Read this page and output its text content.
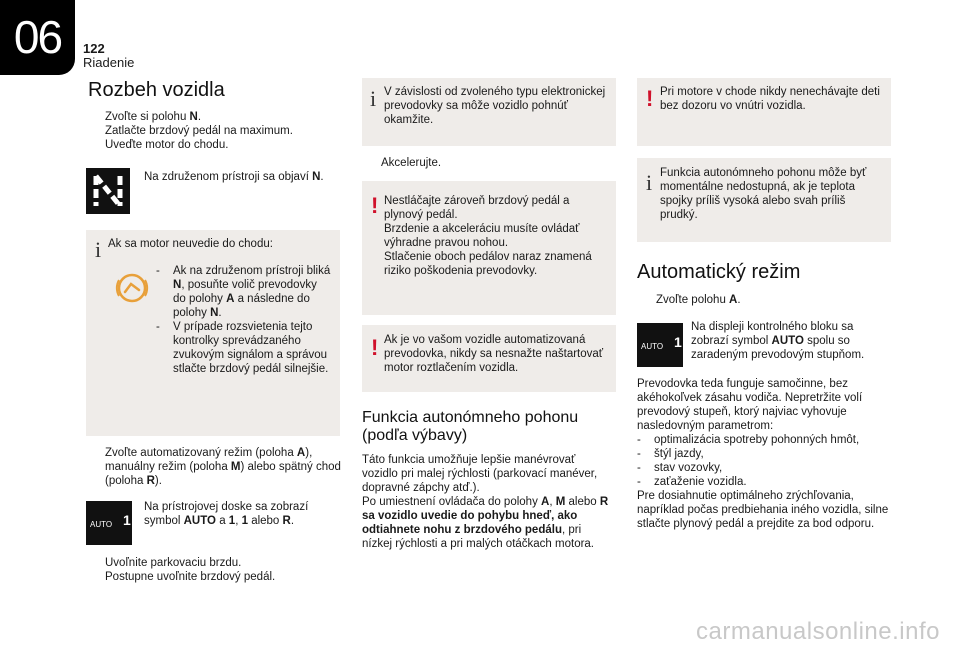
06	122
Riadenie
Rozbeh vozidla
Zvoľte si polohu N.
Zatlačte brzdový pedál na maximum.
Uveďte motor do chodu.
Na združenom prístroji sa objaví N.
i Ak sa motor neuvedie do chodu:
- Ak na združenom prístroji bliká N, posuňte volič prevodovky do polohy A a následne do polohy N.
- V prípade rozsvietenia tejto kontrolky sprevádzaného zvukovým signálom a správou stlačte brzdový pedál silnejšie.
Zvoľte automatizovaný režim (poloha A), manuálny režim (poloha M) alebo spätný chod (poloha R).
AUTO 1
Na prístrojovej doske sa zobrazí symbol AUTO a 1, 1 alebo R.
Uvoľnite parkovaciu brzdu.
Postupne uvoľnite brzdový pedál.
i V závislosti od zvoleného typu elektronickej prevodovky sa môže vozidlo pohnúť okamžite.
Akcelerujte.
! Nestláčajte zároveň brzdový pedál a plynový pedál.
Brzdenie a akceleráciu musíte ovládať výhradne pravou nohou.
Stlačenie oboch pedálov naraz znamená riziko poškodenia prevodovky.
! Ak je vo vašom vozidle automatizovaná prevodovka, nikdy sa nesnažte naštartovať motor roztlačením vozidla.
Funkcia autonómneho pohonu (podľa výbavy)
Táto funkcia umožňuje lepšie manévrovať vozidlo pri malej rýchlosti (parkovací manéver, dopravné zápchy atď.).
Po umiestnení ovládača do polohy A, M alebo R sa vozidlo uvedie do pohybu hneď, ako odtiahnete nohu z brzdového pedálu, pri nízkej rýchlosti a pri malých otáčkach motora.
! Pri motore v chode nikdy nenechávajte deti bez dozoru vo vnútri vozidla.
i Funkcia autonómneho pohonu môže byť momentálne nedostupná, ak je teplota spojky príliš vysoká alebo svah príliš prudký.
Automatický režim
Zvoľte polohu A.
AUTO 1
Na displeji kontrolného bloku sa zobrazí symbol AUTO spolu so zaradeným prevodovým stupňom.
Prevodovka teda funguje samočinne, bez akéhokoľvek zásahu vodiča. Nepretržite volí prevodový stupeň, ktorý najviac vyhovuje nasledovným parametrom:
- optimalizácia spotreby pohonných hmôt,
- štýl jazdy,
- stav vozovky,
- zaťaženie vozidla.
Pre dosiahnutie optimálneho zrýchľovania, napríklad počas predbiehania iného vozidla, silne stlačte plynový pedál a prejdite za bod odporu.
carmanualsonline.info
